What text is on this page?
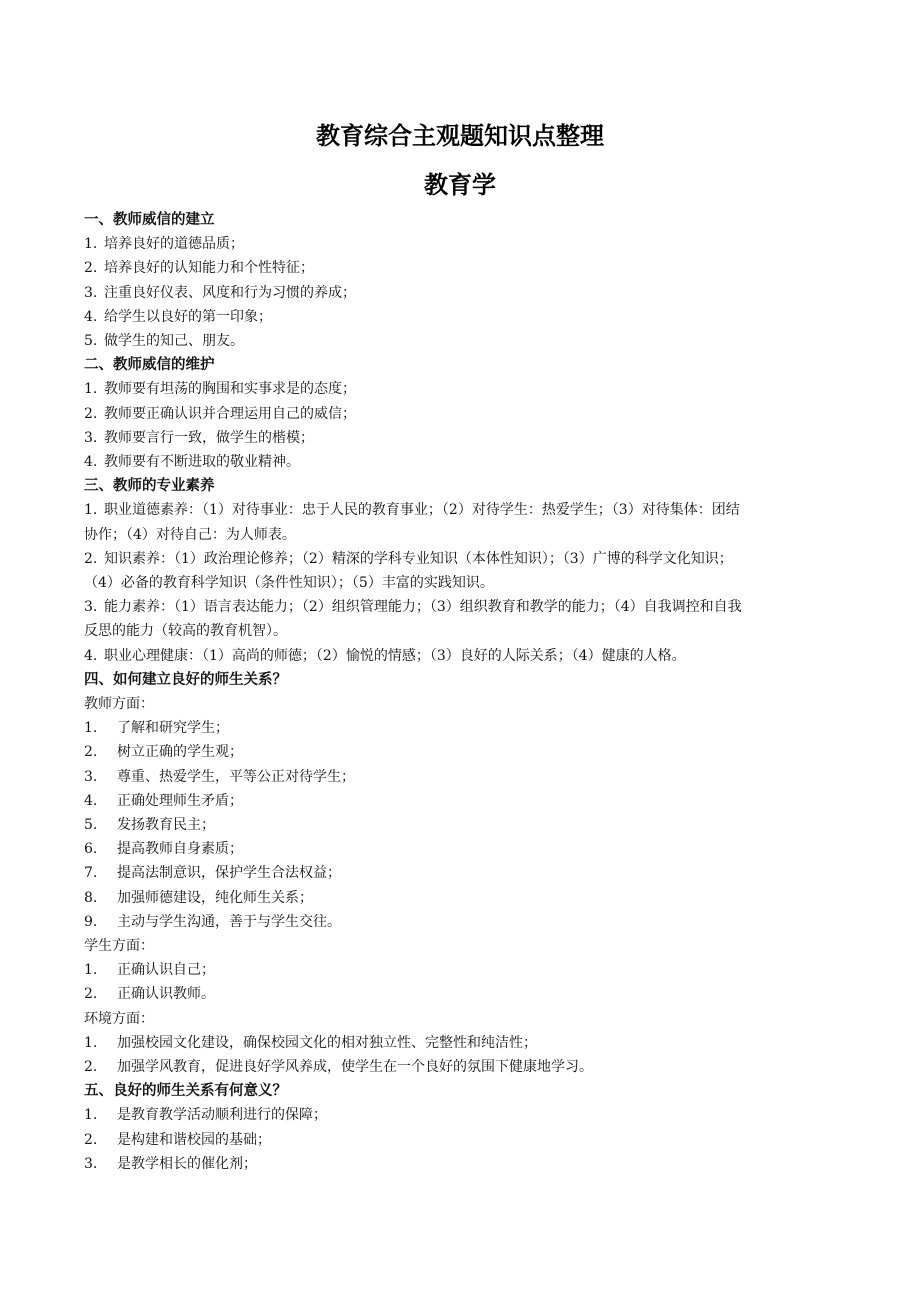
教育综合主观题知识点整理
教育学
一、教师威信的建立
1. 培养良好的道德品质；
2. 培养良好的认知能力和个性特征；
3. 注重良好仪表、风度和行为习惯的养成；
4. 给学生以良好的第一印象；
5. 做学生的知己、朋友。
二、教师威信的维护
1. 教师要有坦荡的胸围和实事求是的态度；
2. 教师要正确认识并合理运用自己的威信；
3. 教师要言行一致，做学生的楷模；
4. 教师要有不断进取的敬业精神。
三、教师的专业素养
1. 职业道德素养：（1）对待事业：忠于人民的教育事业；（2）对待学生：热爱学生；（3）对待集体：团结
协作；（4）对待自己：为人师表。
2. 知识素养：（1）政治理论修养；（2）精深的学科专业知识（本体性知识）；（3）广博的科学文化知识；
（4）必备的教育科学知识（条件性知识）；（5）丰富的实践知识。
3. 能力素养：（1）语言表达能力；（2）组织管理能力；（3）组织教育和教学的能力；（4）自我调控和自我
反思的能力（较高的教育机智）。
4. 职业心理健康：（1）高尚的师德；（2）愉悦的情感；（3）良好的人际关系；（4）健康的人格。
四、如何建立良好的师生关系？
教师方面：
1. 了解和研究学生；
2. 树立正确的学生观；
3. 尊重、热爱学生，平等公正对待学生；
4. 正确处理师生矛盾；
5. 发扬教育民主；
6. 提高教师自身素质；
7. 提高法制意识，保护学生合法权益；
8. 加强师德建设，纯化师生关系；
9. 主动与学生沟通，善于与学生交往。
学生方面：
1. 正确认识自己；
2. 正确认识教师。
环境方面：
1. 加强校园文化建设，确保校园文化的相对独立性、完整性和纯洁性；
2. 加强学风教育，促进良好学风养成，使学生在一个良好的氛围下健康地学习。
五、良好的师生关系有何意义？
1. 是教育教学活动顺利进行的保障；
2. 是构建和谐校园的基础；
3. 是教学相长的催化剂；
